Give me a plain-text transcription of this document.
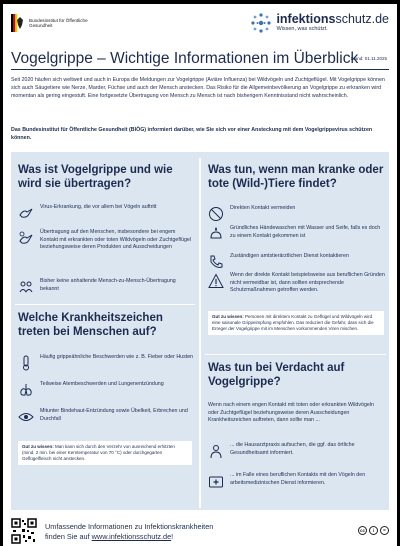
Bundesinstitut für Öffentliche Gesundheit	infektionsschutz.de
Wissen, was schützt.
Vogelgrippe – Wichtige Informationen im Überblick
Stand: 01.11.2025
Seit 2020 häufen sich weltweit und auch in Europa die Meldungen zur Vogelgrippe (Aviäre Influenza) bei Wildvögeln und Zuchtgeflügel. Mit Vogelgrippe können sich auch Säugetiere wie Nerze, Marder, Füchse und auch der Mensch anstecken. Das Risiko für die Allgemeinbevölkerung an Vogelgrippe zu erkranken wird momentan als gering eingestuft. Eine fortgesetzte Übertragung von Mensch zu Mensch ist nach bisherigem Kenntnisstand nicht wahrscheinlich.
Das Bundesinstitut für Öffentliche Gesundheit (BIÖG) informiert darüber, wie Sie sich vor einer Ansteckung mit dem Vogelgrippevirus schützen können.
Was ist Vogelgrippe und wie wird sie übertragen?
Virus-Erkrankung, die vor allem bei Vögeln auftritt
Übertragung auf den Menschen, insbesondere bei engem Kontakt mit erkrankten oder toten Wildvögeln oder Zuchtgeflügel beziehungsweise deren Produkten und Ausscheidungen
Bisher keine anhaltende Mensch-zu-Mensch-Übertragung bekannt
Welche Krankheitszeichen treten bei Menschen auf?
Häufig grippeähnliche Beschwerden wie z. B. Fieber oder Husten
Teilweise Atembeschwerden und Lungenentzündung
Mitunter Bindehaut-Entzündung sowie Übelkeit, Erbrechen und Durchfall
Gut zu wissen: Man kann sich durch den Verzehr von ausreichend erhitzten (mind. 2 min. bei einer Kerntemperatur von 70 °C) oder durchgegarten Geflügelfleisch nicht anstecken.
Was tun, wenn man kranke oder tote (Wild-)Tiere findet?
Direkten Kontakt vermeiden
Gründliches Händewaschen mit Wasser und Seife, falls es doch zu einem Kontakt gekommen ist
Zuständigen amtstierärztlichen Dienst kontaktieren
Wenn der direkte Kontakt beispielsweise aus beruflichen Gründen nicht vermeidbar ist, dann sollten entsprechende Schutzmaßnahmen getroffen werden.
Gut zu wissen: Personen mit direktem Kontakt zu Geflügel und Wildvögeln wird eine saisonale Grippeimpfung empfohlen. Das reduziert die Gefahr, dass sich die Erreger der Vogelgrippe mit im Menschen vorkommenden Viren mischen.
Was tun bei Verdacht auf Vogelgrippe?
Wenn nach einem engen Kontakt mit toten oder erkrankten Wildvögeln oder Zuchtgeflügel beziehungsweise deren Ausscheidungen Krankheitszeichen auftreten, dann sollte man ...
... die Hausarztpraxis aufsuchen, die ggf. das örtliche Gesundheitsamt informiert.
... im Falle eines beruflichen Kontakts mit den Vögeln den arbeitsmedizinischen Dienst informieren.
Umfassende Informationen zu Infektionskrankheiten
finden Sie auf www.infektionsschutz.de!
cc	i	=
